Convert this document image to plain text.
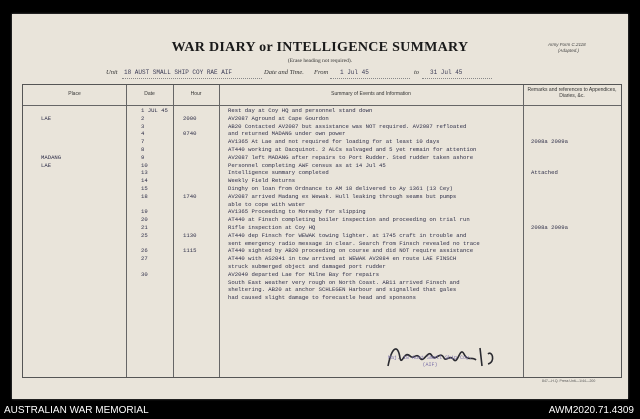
Army Form C.2118
(Adapted.)
WAR DIARY or INTELLIGENCE SUMMARY
(Erase heading not required).
Unit 18 AUST SMALL SHIP COY RAE AIF	Date and Time. From 1 Jul 45	to 31 Jul 45
Place	Date	Hour	Summary of Events and Information
Remarks and references to Appendices, Diaries, &c.
1 JUL 45	Rest day at Coy HQ and personnel stand down
LAE	2	2000	AV2087 Aground at Cape Gourdon
3	AB20 Contacted AV2087 but assistance was NOT required. AV2087 refloated
4	0740	and returned MADANG under own power
7	AV1365 At Lae and not required for loading for at least 10 days	2008a 2009a
8	AT440 working at Dacquinot. 2 ALCs salvaged and 5 yet remain for attention
MADANG	9	AV2087 left MADANG after repairs to Port Rudder. Sted rudder taken ashore
LAE	10	Personnel completing AWF census as at 14 Jul 45
13	Intelligence summary completed	Attached
14	Weekly Field Returns
15	Dinghy on loan from Ordnance to AM 18 delivered to Ay 1361 (13 Cey)
18	1740	AV2087 arrived Madang ex Wewak. Hull leaking through seams but pumps
able to cope with water
19	AV1365 Proceeding to Moresby for slipping
20	AT440 at Finsch completing boiler inspection and proceeding on trial run
21	Rifle inspection at Coy HQ	2008a 2009a
25	1130	AT440 dep Finsch for WEWAK towing lighter. at 1745 craft in trouble and
sent emergency radio message in clear. Search from Finsch revealed no trace
26	1115	AT440 sighted by AB20 proceeding on course and did NOT require assistance
27	AT440 with AS2041 in tow arrived at WEWAK AV2084 en route LAE FINSCH
struck submerged object and damaged port rudder
30	AV2049 departed Lae for Milne Bay for repairs
South East weather very rough on North Coast. AB11 arrived Finsch and
sheltering. AB20 at anchor SCHLEGEN Harbour and signalled that gales
had caused slight damage to forecastle head and sponsons
Maj. 18 Aust Small Ship Coy.
(AIF)
847—H.Q. Press Unit—1/44—200
AUSTRALIAN WAR MEMORIAL	AWM2020.71.4309
